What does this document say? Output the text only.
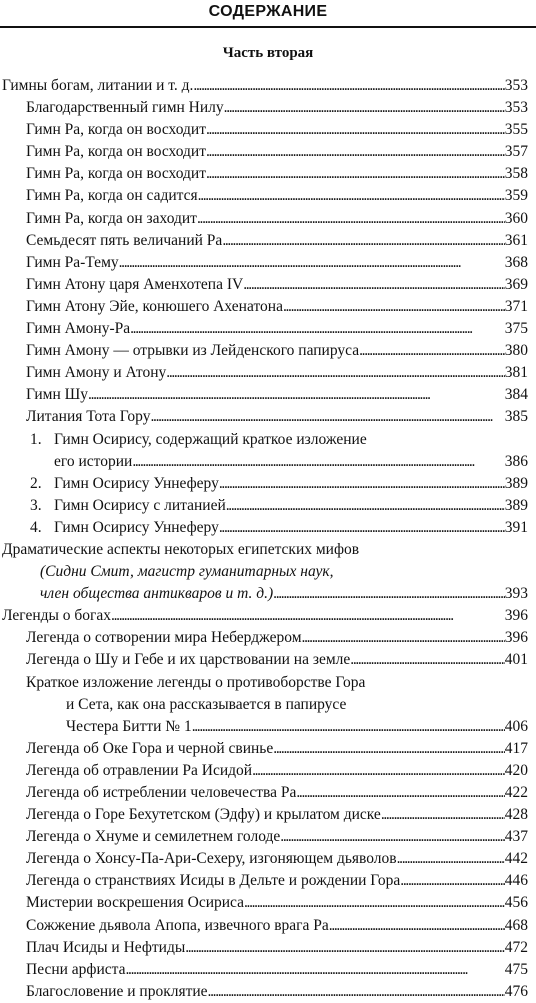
СОДЕРЖАНИЕ
Часть вторая
Гимны богам, литании и т. д. . . .	353
Благодарственный гимн Нилу . . .	353
Гимн Ра, когда он восходит . . .	355
Гимн Ра, когда он восходит . . .	357
Гимн Ра, когда он восходит . . .	358
Гимн Ра, когда он садится . . .	359
Гимн Ра, когда он заходит . . .	360
Семьдесят пять величаний Ра . . .	361
Гимн Ра-Тему . . .	368
Гимн Атону царя Аменхотепа IV . . .	369
Гимн Атону Эйе, конюшего Ахенатона . . .	371
Гимн Амону-Ра . . .	375
Гимн Амону — отрывки из Лейденского папируса . . .	380
Гимн Амону и Атону . . .	381
Гимн Шу . . .	384
Литания Тота Гору . . .	385
1. Гимн Осирису, содержащий краткое изложение
его истории . . .	386
2. Гимн Осирису Уннеферу . . .	389
3. Гимн Осирису с литанией . . .	389
4. Гимн Осирису Уннеферу . . .	391
Драматические аспекты некоторых египетских мифов
(Сидни Смит, магистр гуманитарных наук,
член общества антикваров и т. д.) . . .	393
Легенды о богах . . .	396
Легенда о сотворении мира Неберджером . . .	396
Легенда о Шу и Гебе и их царствовании на земле . . .	401
Краткое изложение легенды о противоборстве Гора
и Сета, как она рассказывается в папирусе
Честера Битти № 1 . . .	406
Легенда об Оке Гора и черной свинье . . .	417
Легенда об отравлении Ра Исидой . . .	420
Легенда об истреблении человечества Ра . . .	422
Легенда о Горе Бехутетском (Эдфу) и крылатом диске . . .	428
Легенда о Хнуме и семилетнем голоде . . .	437
Легенда о Хонсу-Па-Ари-Сехеру, изгоняющем дьяволов . . .	442
Легенда о странствиях Исиды в Дельте и рождении Гора . . .	446
Мистерии воскрешения Осириса . . .	456
Сожжение дьявола Апопа, извечного врага Ра . . .	468
Плач Исиды и Нефтиды . . .	472
Песни арфиста . . .	475
Благословение и проклятие . . .	476
